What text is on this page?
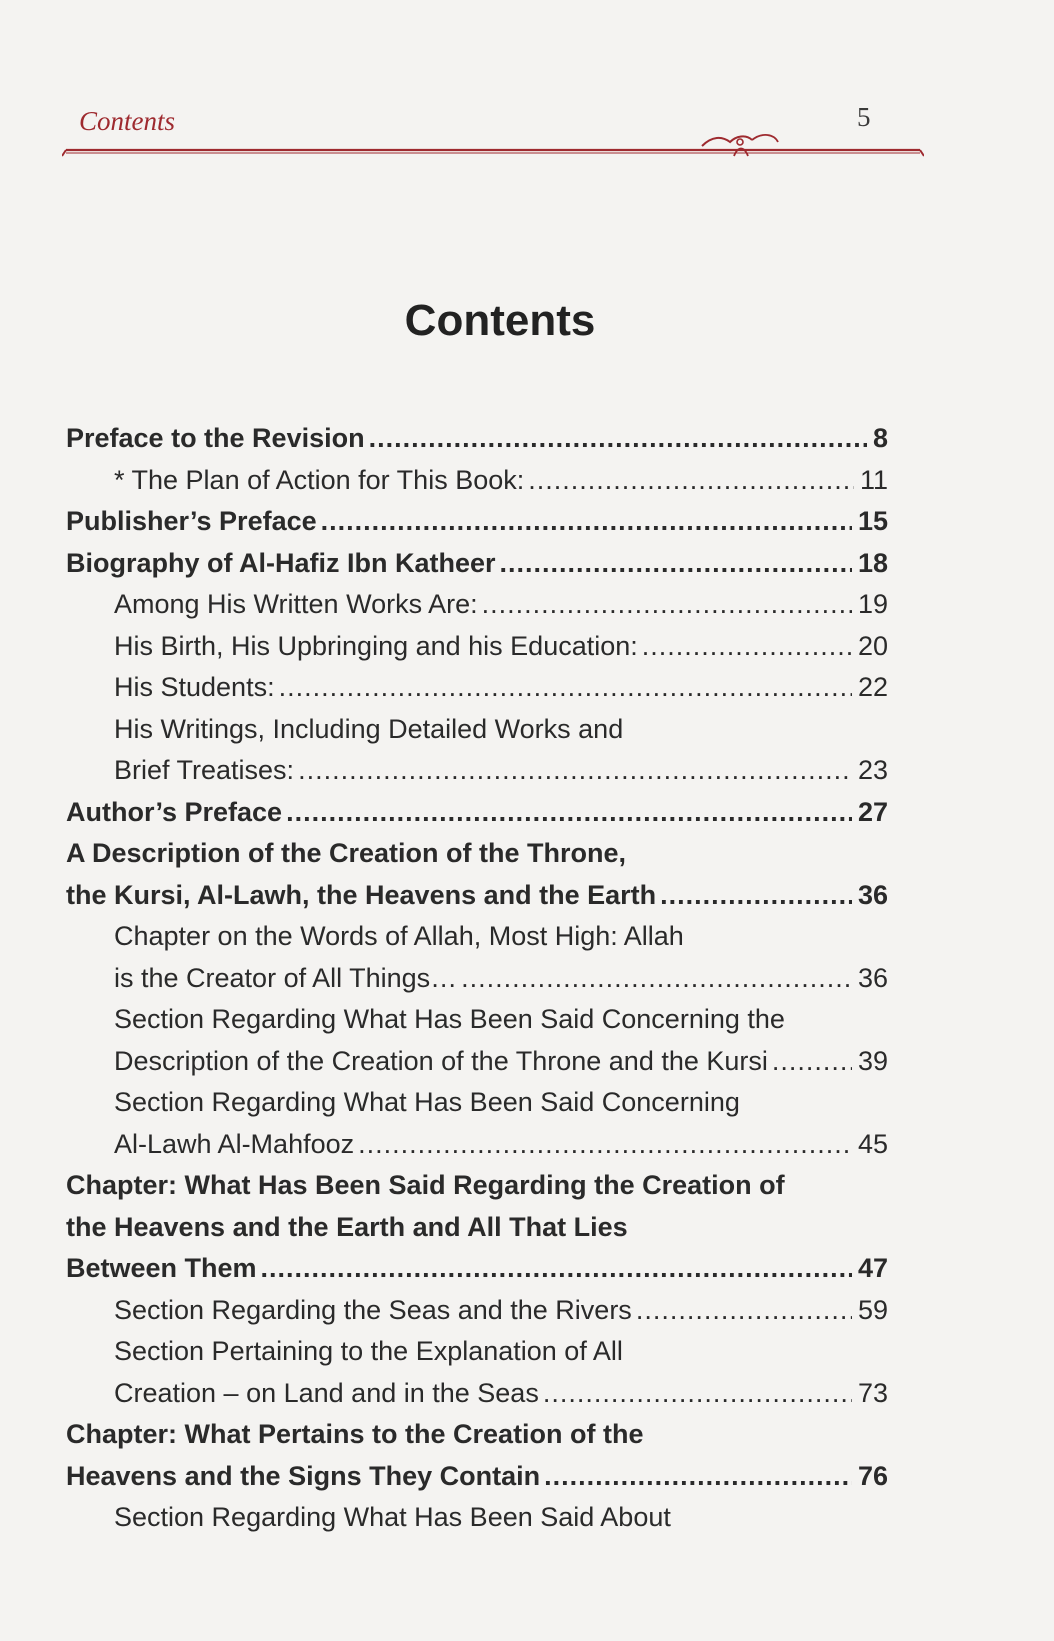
Contents	5
Contents
Preface to the Revision .....	8
* The Plan of Action for This Book: .....	11
Publisher’s Preface .....	15
Biography of Al-Hafiz Ibn Katheer .....	18
Among His Written Works Are: .....	19
His Birth, His Upbringing and his Education: .....	20
His Students: .....	22
His Writings, Including Detailed Works and
Brief Treatises: .....	23
Author’s Preface .....	27
A Description of the Creation of the Throne,
the Kursi, Al-Lawh, the Heavens and the Earth .....	36
Chapter on the Words of Allah, Most High: Allah
is the Creator of All Things… .....	36
Section Regarding What Has Been Said Concerning the
Description of the Creation of the Throne and the Kursi .....	39
Section Regarding What Has Been Said Concerning
Al-Lawh Al-Mahfooz .....	45
Chapter: What Has Been Said Regarding the Creation of
the Heavens and the Earth and All That Lies
Between Them .....	47
Section Regarding the Seas and the Rivers .....	59
Section Pertaining to the Explanation of All
Creation – on Land and in the Seas .....	73
Chapter: What Pertains to the Creation of the
Heavens and the Signs They Contain .....	76
Section Regarding What Has Been Said About
